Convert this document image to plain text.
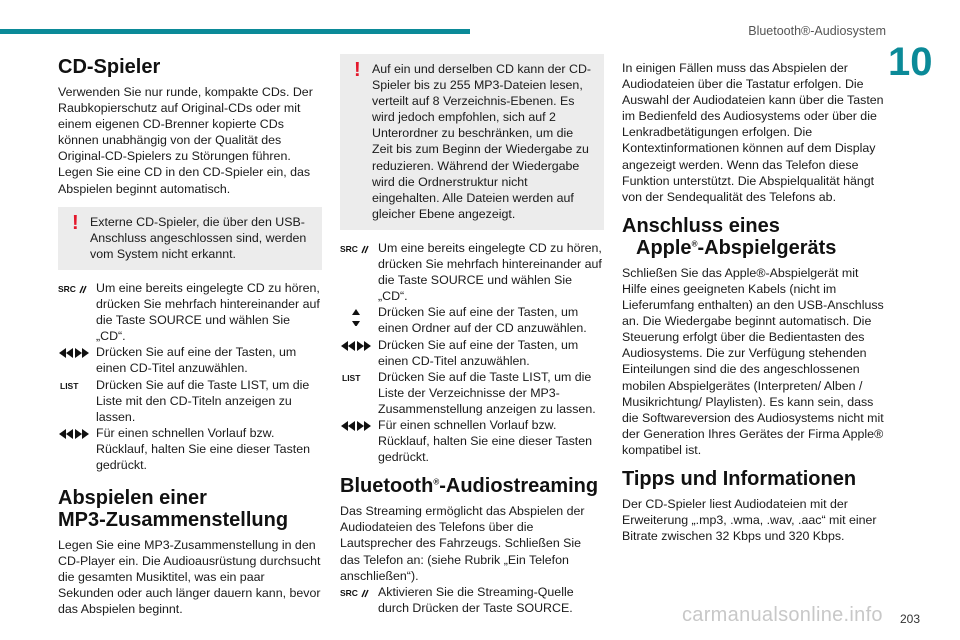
Bluetooth®-Audiosystem
10
203
carmanualsonline.info
CD-Spieler

Verwenden Sie nur runde, kompakte CDs. Der Raubkopierschutz auf Original-CDs oder mit einem eigenen CD-Brenner kopierte CDs können unabhängig von der Qualität des Original-CD-Spielers zu Störungen führen. Legen Sie eine CD in den CD-Spieler ein, das Abspielen beginnt automatisch.

! Externe CD-Spieler, die über den USB-Anschluss angeschlossen sind, werden vom System nicht erkannt.

SRC	Um eine bereits eingelegte CD zu hören, drücken Sie mehrfach hintereinander auf die Taste SOURCE und wählen Sie „CD“.

Drücken Sie auf eine der Tasten, um einen CD-Titel anzuwählen.

LIST	Drücken Sie auf die Taste LIST, um die Liste mit den CD-Titeln anzeigen zu lassen.

Für einen schnellen Vorlauf bzw. Rücklauf, halten Sie eine dieser Tasten gedrückt.

Abspielen einer
MP3-Zusammenstellung

Legen Sie eine MP3-Zusammenstellung in den CD-Player ein. Die Audioausrüstung durchsucht die gesamten Musiktitel, was ein paar Sekunden oder auch länger dauern kann, bevor das Abspielen beginnt.

! Auf ein und derselben CD kann der CD-Spieler bis zu 255 MP3-Dateien lesen, verteilt auf 8 Verzeichnis-Ebenen. Es wird jedoch empfohlen, sich auf 2 Unterordner zu beschränken, um die Zeit bis zum Beginn der Wiedergabe zu reduzieren. Während der Wiedergabe wird die Ordnerstruktur nicht eingehalten. Alle Dateien werden auf gleicher Ebene angezeigt.

SRC	Um eine bereits eingelegte CD zu hören, drücken Sie mehrfach hintereinander auf die Taste SOURCE und wählen Sie „CD“.

Drücken Sie auf eine der Tasten, um einen Ordner auf der CD anzuwählen.

Drücken Sie auf eine der Tasten, um einen CD-Titel anzuwählen.

LIST	Drücken Sie auf die Taste LIST, um die Liste der Verzeichnisse der MP3-Zusammenstellung anzeigen zu lassen.

Für einen schnellen Vorlauf bzw. Rücklauf, halten Sie eine dieser Tasten gedrückt.

Bluetooth®-Audiostreaming

Das Streaming ermöglicht das Abspielen der Audiodateien des Telefons über die Lautsprecher des Fahrzeugs. Schließen Sie das Telefon an: (siehe Rubrik „Ein Telefon anschließen“).

SRC	Aktivieren Sie die Streaming-Quelle durch Drücken der Taste SOURCE.

In einigen Fällen muss das Abspielen der Audiodateien über die Tastatur erfolgen. Die Auswahl der Audiodateien kann über die Tasten im Bedienfeld des Audiosystems oder über die Lenkradbetätigungen erfolgen. Die Kontextinformationen können auf dem Display angezeigt werden. Wenn das Telefon diese Funktion unterstützt. Die Abspielqualität hängt von der Sendequalität des Telefons ab.

Anschluss eines
Apple®-Abspielgeräts

Schließen Sie das Apple®-Abspielgerät mit Hilfe eines geeigneten Kabels (nicht im Lieferumfang enthalten) an den USB-Anschluss an. Die Wiedergabe beginnt automatisch. Die Steuerung erfolgt über die Bedientasten des Audiosystems. Die zur Verfügung stehenden Einteilungen sind die des angeschlossenen mobilen Abspielgerätes (Interpreten/ Alben / Musikrichtung/ Playlisten). Es kann sein, dass die Softwareversion des Audiosystems nicht mit der Generation Ihres Gerätes der Firma Apple® kompatibel ist.

Tipps und Informationen

Der CD-Spieler liest Audiodateien mit der Erweiterung „.mp3, .wma, .wav, .aac“ mit einer Bitrate zwischen 32 Kbps und 320 Kbps.
